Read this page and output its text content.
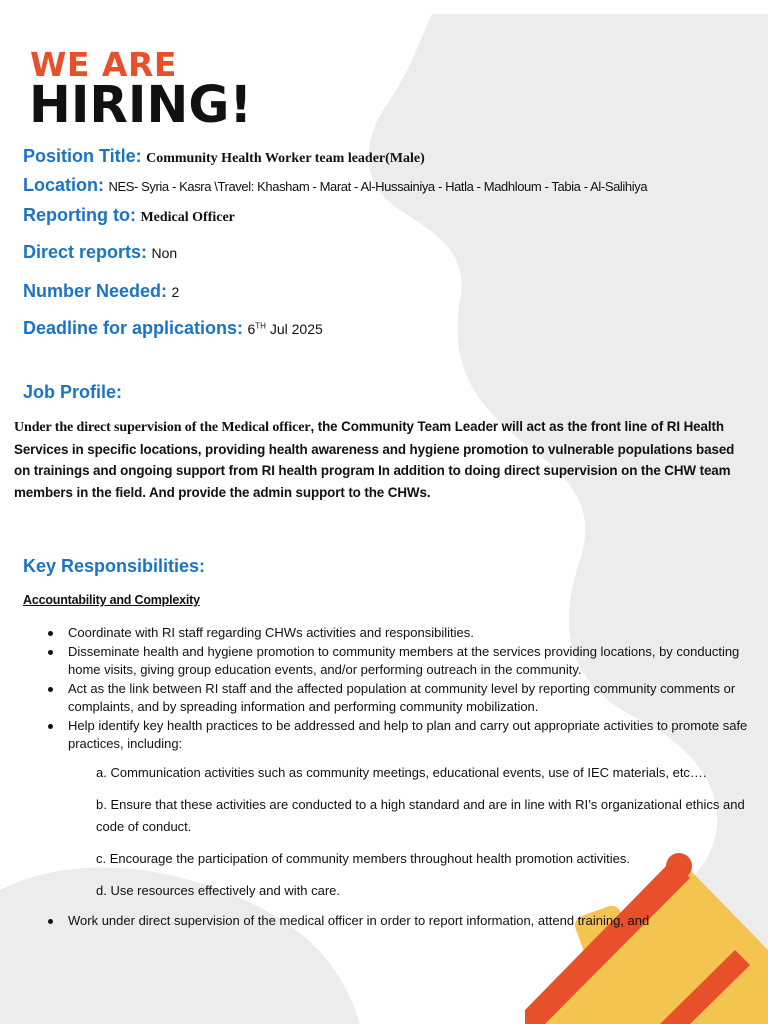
WE ARE
HIRING!
Position Title: Community Health Worker team leader(Male)
Location: NES- Syria - Kasra \Travel: Khasham - Marat - Al-Hussainiya - Hatla - Madhloum - Tabia - Al-Salihiya
Reporting to: Medical Officer
Direct reports: Non
Number Needed: 2
Deadline for applications: 6TH Jul 2025
Job Profile:
Under the direct supervision of the Medical officer, the Community Team Leader will act as the front line of RI Health Services in specific locations, providing health awareness and hygiene promotion to vulnerable populations based on trainings and ongoing support from RI health program In addition to doing direct supervision on the CHW team members in the field. And provide the admin support to the CHWs.
Key Responsibilities:
Accountability and Complexity
Coordinate with RI staff regarding CHWs activities and responsibilities.
Disseminate health and hygiene promotion to community members at the services providing locations, by conducting home visits, giving group education events, and/or performing outreach in the community.
Act as the link between RI staff and the affected population at community level by reporting community comments or complaints, and by spreading information and performing community mobilization.
Help identify key health practices to be addressed and help to plan and carry out appropriate activities to promote safe practices, including:
a. Communication activities such as community meetings, educational events, use of IEC materials, etc….
b. Ensure that these activities are conducted to a high standard and are in line with RI’s organizational ethics and code of conduct.
c. Encourage the participation of community members throughout health promotion activities.
d. Use resources effectively and with care.
Work under direct supervision of the medical officer in order to report information, attend training, and
